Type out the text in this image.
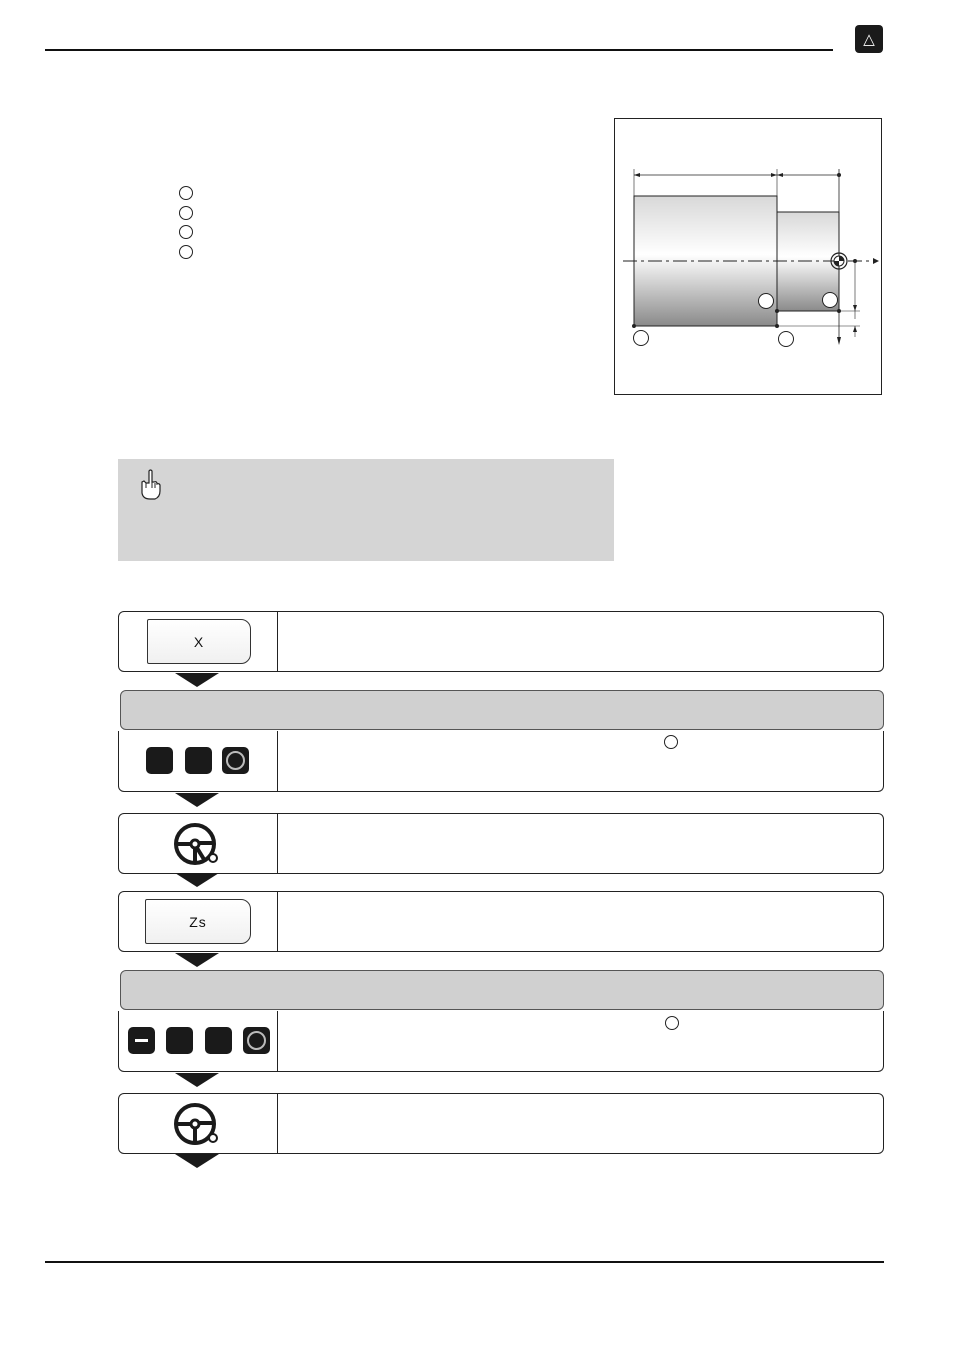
△
X
Zs
